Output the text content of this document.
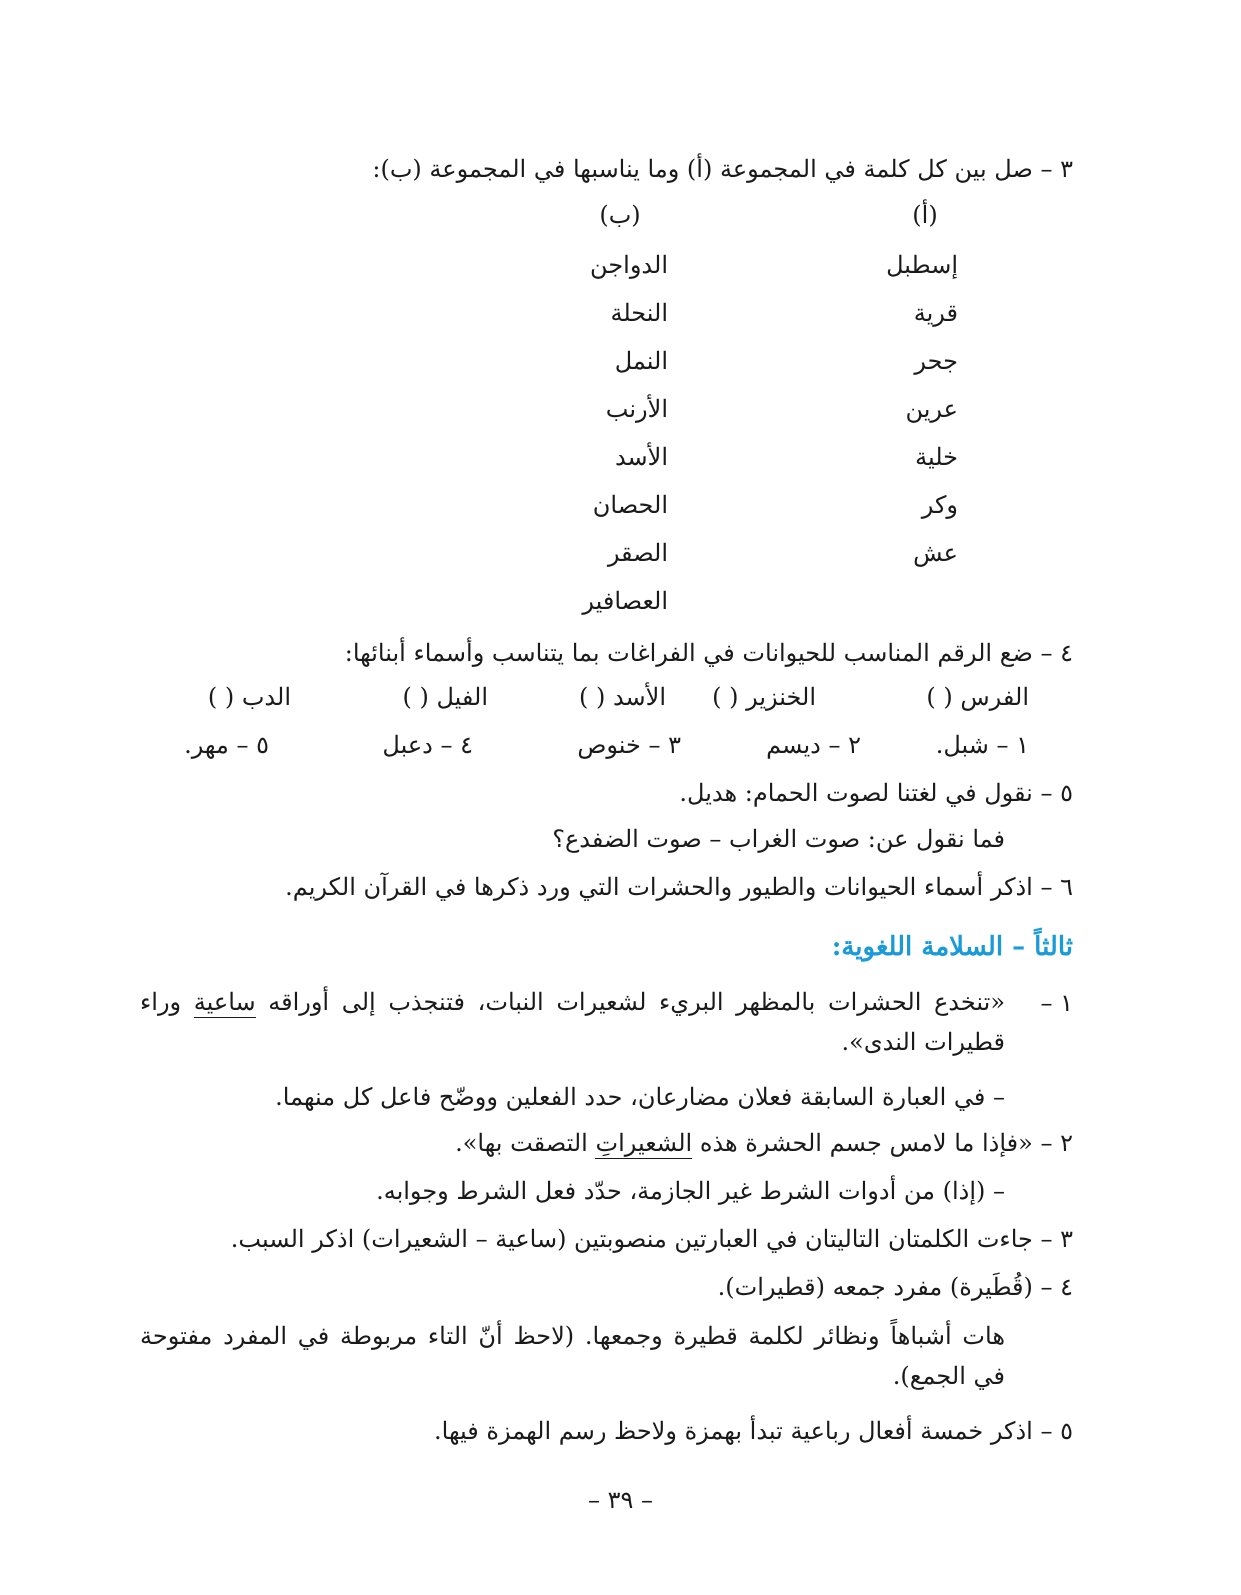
٣ – صل بين كل كلمة في المجموعة (أ) وما يناسبها في المجموعة (ب):
(أ)
(ب)
إسطبل
قرية
جحر
عرين
خلية
وكر
عش
الدواجن
النحلة
النمل
الأرنب
الأسد
الحصان
الصقر
العصافير
٤ – ضع الرقم المناسب للحيوانات في الفراغات بما يتناسب وأسماء أبنائها:
الفرس ( )
الخنزير ( )
الأسد ( )
الفيل ( )
الدب ( )
١ – شبل.
٢ – ديسم
٣ – خنوص
٤ – دعبل
٥ – مهر.
٥ – نقول في لغتنا لصوت الحمام: هديل.
فما نقول عن: صوت الغراب – صوت الضفدع؟
٦ – اذكر أسماء الحيوانات والطيور والحشرات التي ورد ذكرها في القرآن الكريم.
ثالثاً – السلامة اللغوية:
١ –
«تنخدع الحشرات بالمظهر البريء لشعيرات النبات، فتنجذب إلى أوراقه ساعية وراء قطيرات الندى».
– في العبارة السابقة فعلان مضارعان، حدد الفعلين ووضّح فاعل كل منهما.
٢ – «فإذا ما لامس جسم الحشرة هذه الشعيراتِ التصقت بها».
– (إذا) من أدوات الشرط غير الجازمة، حدّد فعل الشرط وجوابه.
٣ – جاءت الكلمتان التاليتان في العبارتين منصوبتين (ساعية – الشعيرات) اذكر السبب.
٤ – (قُطَيرة) مفرد جمعه (قطيرات).
هات أشباهاً ونظائر لكلمة قطيرة وجمعها. (لاحظ أنّ التاء مربوطة في المفرد مفتوحة في الجمع).
٥ – اذكر خمسة أفعال رباعية تبدأ بهمزة ولاحظ رسم الهمزة فيها.
– ٣٩ –
